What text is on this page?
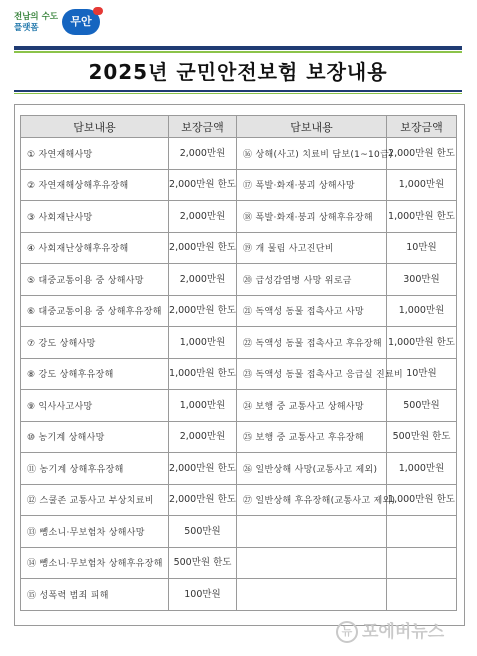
전남의 수도
플랫폼	무안
2025년 군민안전보험 보장내용
담보내용	보장금액	담보내용	보장금액
① 자연재해사망	2,000만원	⑯ 상해(사고) 치료비 담보(1~10급)	2,000만원 한도
② 자연재해상해후유장해	2,000만원 한도	⑰ 폭발·화재·붕괴 상해사망	1,000만원
③ 사회재난사망	2,000만원	⑱ 폭발·화재·붕괴 상해후유장해	1,000만원 한도
④ 사회재난상해후유장해	2,000만원 한도	⑲ 개 물림 사고진단비	10만원
⑤ 대중교통이용 중 상해사망	2,000만원	⑳ 급성감염병 사망 위로금	300만원
⑥ 대중교통이용 중 상해후유장해	2,000만원 한도	㉑ 독액성 동물 접촉사고 사망	1,000만원
⑦ 강도 상해사망	1,000만원	㉒ 독액성 동물 접촉사고 후유장해	1,000만원 한도
⑧ 강도 상해후유장해	1,000만원 한도	㉓ 독액성 동물 접촉사고 응급실 진료비	10만원
⑨ 익사사고사망	1,000만원	㉔ 보행 중 교통사고 상해사망	500만원
⑩ 농기계 상해사망	2,000만원	㉕ 보행 중 교통사고 후유장해	500만원 한도
⑪ 농기계 상해후유장해	2,000만원 한도	㉖ 일반상해 사망(교통사고 제외)	1,000만원
⑫ 스쿨존 교통사고 부상치료비	2,000만원 한도	㉗ 일반상해 후유장해(교통사고 제외)	1,000만원 한도
⑬ 뺑소니·무보험차 상해사망	500만원		
⑭ 뺑소니·무보험차 상해후유장해	500만원 한도		
⑮ 성폭력 범죄 피해	100만원		
뉴 포에버뉴스
